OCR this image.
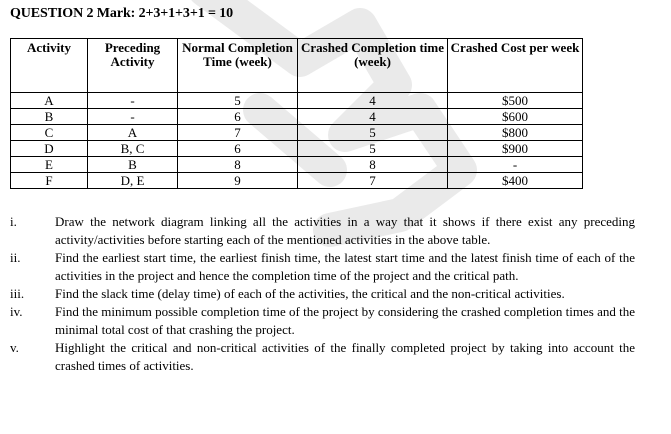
QUESTION 2 Mark: 2+3+1+3+1 = 10
Activity	Preceding Activity	Normal Completion Time (week)	Crashed Completion time (week)	Crashed Cost per week
A	-	5	4	$500
B	-	6	4	$600
C	A	7	5	$800
D	B, C	6	5	$900
E	B	8	8	-
F	D, E	9	7	$400
i.	Draw the network diagram linking all the activities in a way that it shows if there exist any preceding activity/activities before starting each of the mentioned activities in the above table.
ii.	Find the earliest start time, the earliest finish time, the latest start time and the latest finish time of each of the activities in the project and hence the completion time of the project and the critical path.
iii. Find the slack time (delay time) of each of the activities, the critical and the non-critical activities.
iv. Find the minimum possible completion time of the project by considering the crashed completion times and the minimal total cost of that crashing the project.
v.	Highlight the critical and non-critical activities of the finally completed project by taking into account the crashed times of activities.
